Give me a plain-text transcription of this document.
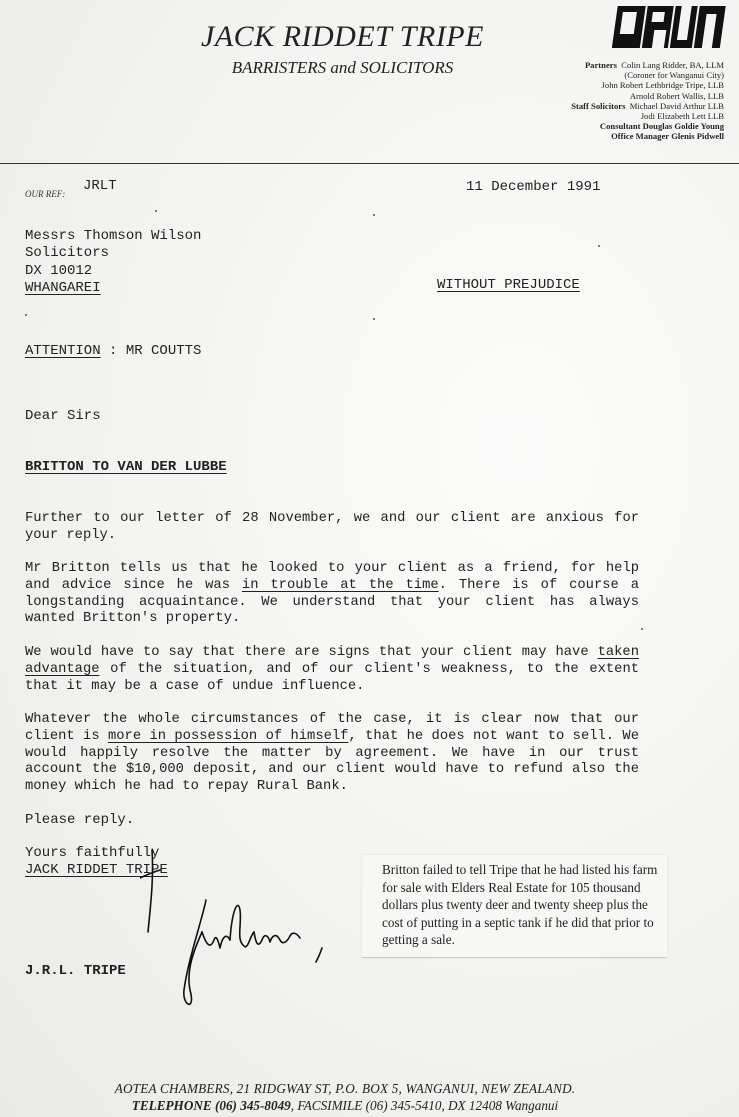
JACK RIDDET TRIPE
BARRISTERS and SOLICITORS	Partners Colin Lang Ridder, BA, LLM
(Coroner for Wanganui City)
John Robert Lethbridge Tripe, LLB
Arnold Robert Wallis, LLB
Staff Solicitors Michael David Arthur LLB
Jodi Elizabeth Lett LLB
Consultant Douglas Goldie Young
Office Manager Glenis Pidwell
OUR REF: JRLT	11 December 1991
Messrs Thomson Wilson
Solicitors
DX 10012
WHANGAREI	WITHOUT PREJUDICE
ATTENTION : MR COUTTS
Dear Sirs
BRITTON TO VAN DER LUBBE
Further to our letter of 28 November, we and our client are anxious for your reply.
Mr Britton tells us that he looked to your client as a friend, for help and advice since he was in trouble at the time. There is of course a longstanding acquaintance. We understand that your client has always wanted Britton's property.
We would have to say that there are signs that your client may have taken advantage of the situation, and of our client's weakness, to the extent that it may be a case of undue influence.
Whatever the whole circumstances of the case, it is clear now that our client is more in possession of himself, that he does not want to sell. We would happily resolve the matter by agreement. We have in our trust account the $10,000 deposit, and our client would have to refund also the money which he had to repay Rural Bank.
Please reply.
Yours faithfully
JACK RIDDET TRIPE
J.R.L. TRIPE
Britton failed to tell Tripe that he had listed his farm for sale with Elders Real Estate for 105 thousand dollars plus twenty deer and twenty sheep plus the cost of putting in a septic tank if he did that prior to getting a sale.
AOTEA CHAMBERS, 21 RIDGWAY ST, P.O. BOX 5, WANGANUI, NEW ZEALAND.
TELEPHONE (06) 345-8049, FACSIMILE (06) 345-5410, DX 12408 Wanganui
